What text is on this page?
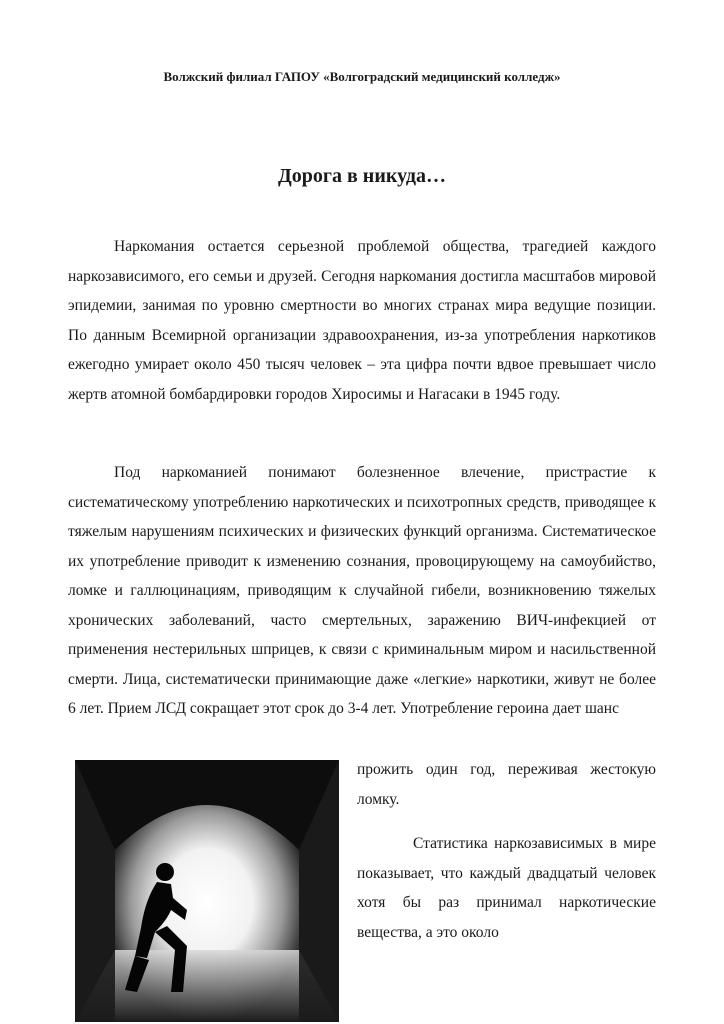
Волжский филиал ГАПОУ «Волгоградский медицинский колледж»
Дорога в никуда…

Наркомания остается серьезной проблемой общества, трагедией каждого наркозависимого, его семьи и друзей. Сегодня наркомания достигла масштабов мировой эпидемии, занимая по уровню смертности во многих странах мира ведущие позиции. По данным Всемирной организации здравоохранения, из-за употребления наркотиков ежегодно умирает около 450 тысяч человек – эта цифра почти вдвое превышает число жертв атомной бомбардировки городов Хиросимы и Нагасаки в 1945 году.

Под наркоманией понимают болезненное влечение, пристрастие к систематическому употреблению наркотических и психотропных средств, приводящее к тяжелым нарушениям психических и физических функций организма. Систематическое их употребление приводит к изменению сознания, провоцирующему на самоубийство, ломке и галлюцинациям, приводящим к случайной гибели, возникновению тяжелых хронических заболеваний, часто смертельных, заражению ВИЧ-инфекцией от применения нестерильных шприцев, к связи с криминальным миром и насильственной смерти. Лица, систематически принимающие даже «легкие» наркотики, живут не более 6 лет. Прием ЛСД сокращает этот срок до 3-4 лет. Употребление героина дает шанс

прожить один год, переживая жестокую ломку.

Статистика наркозависимых в мире показывает, что каждый двадцатый человек хотя бы раз принимал наркотические вещества, а это около
